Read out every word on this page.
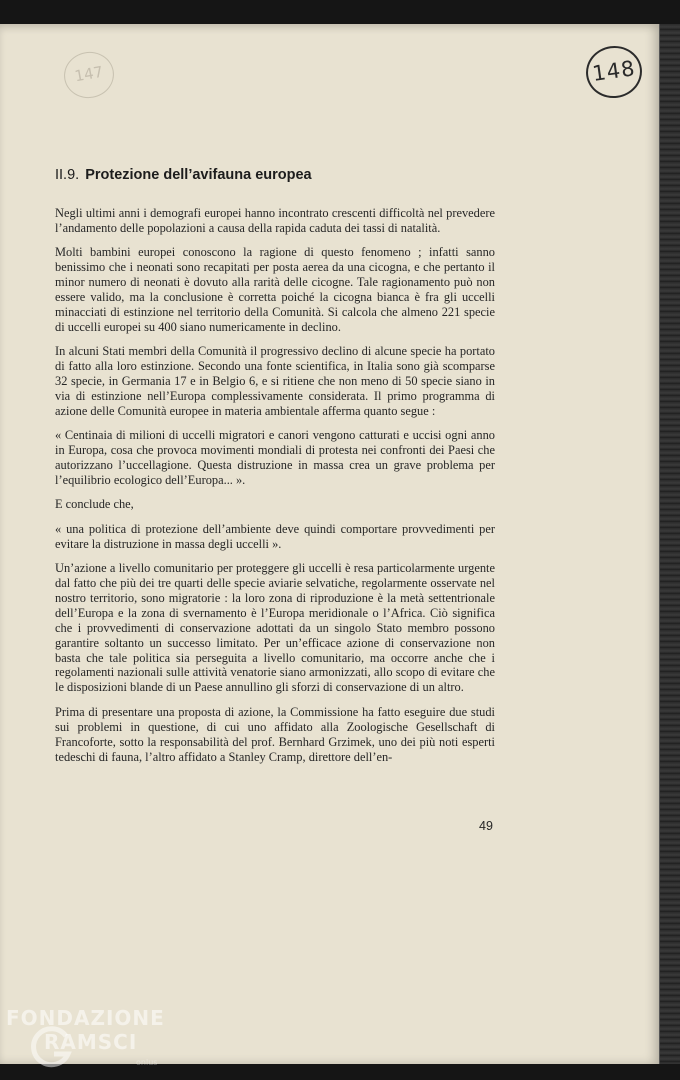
147	148
II.9. Protezione dell’avifauna europea

Negli ultimi anni i demografi europei hanno incontrato crescenti difficoltà nel prevedere l’andamento delle popolazioni a causa della rapida caduta dei tassi di natalità.

Molti bambini europei conoscono la ragione di questo fenomeno ; infatti sanno benissimo che i neonati sono recapitati per posta aerea da una cicogna, e che pertanto il minor numero di neonati è dovuto alla rarità delle cicogne. Tale ragionamento può non essere valido, ma la conclusione è corretta poiché la cicogna bianca è fra gli uccelli minacciati di estinzione nel territorio della Comunità. Si calcola che almeno 221 specie di uccelli europei su 400 siano numericamente in declino.

In alcuni Stati membri della Comunità il progressivo declino di alcune specie ha portato di fatto alla loro estinzione. Secondo una fonte scientifica, in Italia sono già scomparse 32 specie, in Germania 17 e in Belgio 6, e si ritiene che non meno di 50 specie siano in via di estinzione nell’Europa complessivamente considerata. Il primo programma di azione delle Comunità europee in materia ambientale afferma quanto segue :

« Centinaia di milioni di uccelli migratori e canori vengono catturati e uccisi ogni anno in Europa, cosa che provoca movimenti mondiali di protesta nei confronti dei Paesi che autorizzano l’uccellagione. Questa distruzione in massa crea un grave problema per l’equilibrio ecologico dell’Europa... ».

E conclude che,

« una politica di protezione dell’ambiente deve quindi comportare provvedimenti per evitare la distruzione in massa degli uccelli ».

Un’azione a livello comunitario per proteggere gli uccelli è resa particolarmente urgente dal fatto che più dei tre quarti delle specie aviarie selvatiche, regolarmente osservate nel nostro territorio, sono migratorie : la loro zona di riproduzione è la metà settentrionale dell’Europa e la zona di svernamento è l’Europa meridionale o l’Africa. Ciò significa che i provvedimenti di conservazione adottati da un singolo Stato membro possono garantire soltanto un successo limitato. Per un’efficace azione di conservazione non basta che tale politica sia perseguita a livello comunitario, ma occorre anche che i regolamenti nazionali sulle attività venatorie siano armonizzati, allo scopo di evitare che le disposizioni blande di un Paese annullino gli sforzi di conservazione di un altro.

Prima di presentare una proposta di azione, la Commissione ha fatto eseguire due studi sui problemi in questione, di cui uno affidato alla Zoologische Gesellschaft di Francoforte, sotto la responsabilità del prof. Bernhard Grzimek, uno dei più noti esperti tedeschi di fauna, l’altro affidato a Stanley Cramp, direttore dell’en-

49
FONDAZIONE
RAMSCI
onlus
